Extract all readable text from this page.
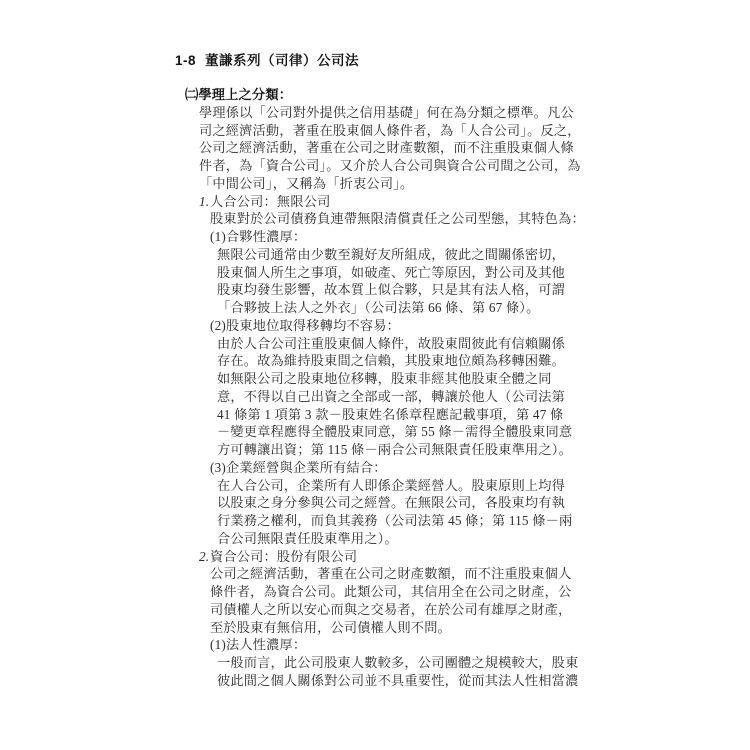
1-8 董謙系列（司律）公司法
㈡學理上之分類：
學理係以「公司對外提供之信用基礎」何在為分類之標準。凡公
司之經濟活動，著重在股東個人條件者，為「人合公司」。反之，
公司之經濟活動，著重在公司之財產數額，而不注重股東個人條
件者，為「資合公司」。又介於人合公司與資合公司間之公司，為
「中間公司」，又稱為「折衷公司」。
1.人合公司：無限公司
股東對於公司債務負連帶無限清償責任之公司型態，其特色為：
(1)合夥性濃厚：
無限公司通常由少數至親好友所組成，彼此之間關係密切，
股東個人所生之事項，如破產、死亡等原因，對公司及其他
股東均發生影響，故本質上似合夥，只是其有法人格，可謂
「合夥披上法人之外衣」（公司法第 66 條、第 67 條）。
(2)股東地位取得移轉均不容易：
由於人合公司注重股東個人條件，故股東間彼此有信賴關係
存在。故為維持股東間之信賴，其股東地位頗為移轉困難。
如無限公司之股東地位移轉，股東非經其他股東全體之同
意，不得以自己出資之全部或一部，轉讓於他人（公司法第
41 條第 1 項第 3 款－股東姓名係章程應記載事項，第 47 條
－變更章程應得全體股東同意，第 55 條－需得全體股東同意
方可轉讓出資；第 115 條－兩合公司無限責任股東準用之）。
(3)企業經營與企業所有結合：
在人合公司，企業所有人即係企業經營人。股東原則上均得
以股東之身分參與公司之經營。在無限公司，各股東均有執
行業務之權利，而負其義務（公司法第 45 條；第 115 條－兩
合公司無限責任股東準用之）。
2.資合公司：股份有限公司
公司之經濟活動，著重在公司之財產數額，而不注重股東個人
條件者，為資合公司。此類公司，其信用全在公司之財產，公
司債權人之所以安心而與之交易者，在於公司有雄厚之財產，
至於股東有無信用，公司債權人則不問。
(1)法人性濃厚：
一般而言，此公司股東人數較多，公司團體之規模較大，股東
彼此間之個人關係對公司並不具重要性，從而其法人性相當濃
